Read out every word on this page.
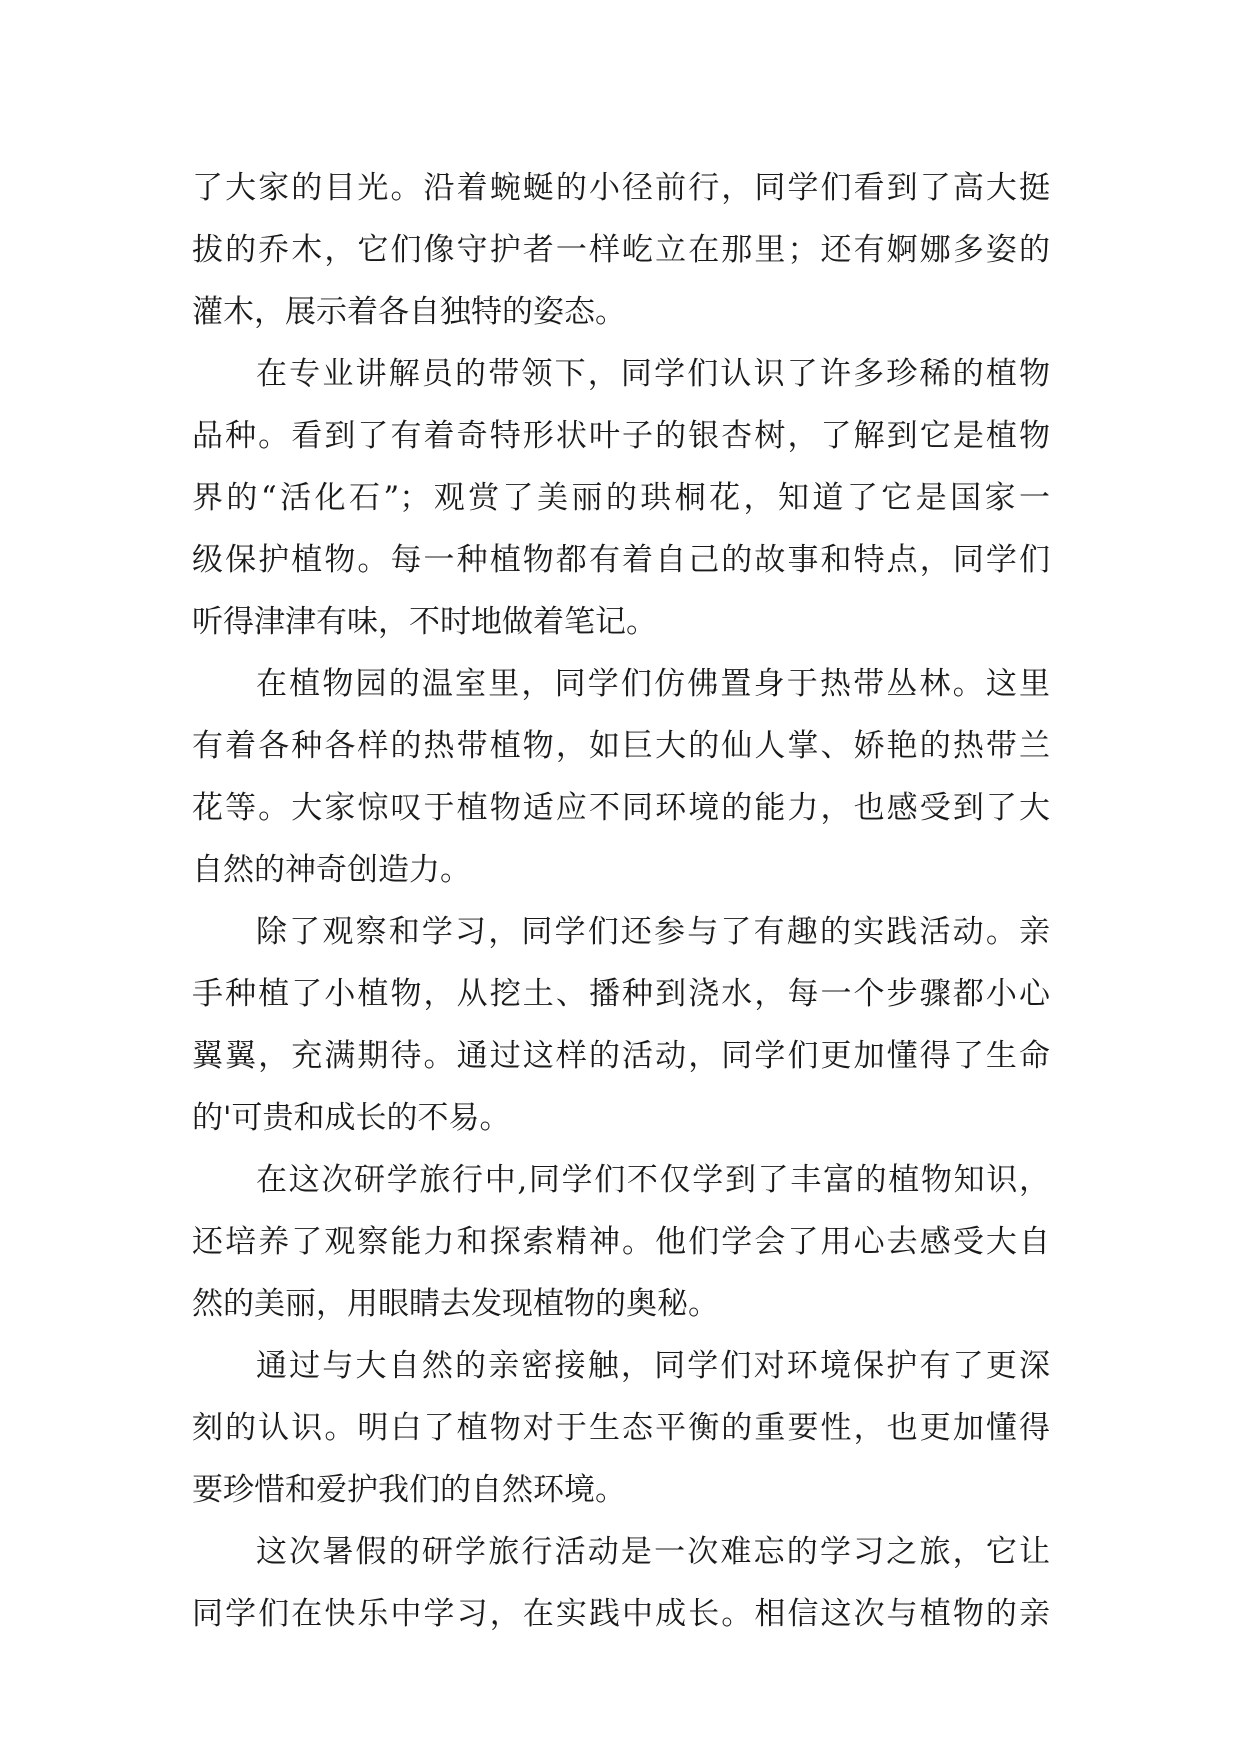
了大家的目光。沿着蜿蜒的小径前行，同学们看到了高大挺
拔的乔木，它们像守护者一样屹立在那里；还有婀娜多姿的
灌木，展示着各自独特的姿态。
在专业讲解员的带领下，同学们认识了许多珍稀的植物
品种。看到了有着奇特形状叶子的银杏树，了解到它是植物
界的“活化石”；观赏了美丽的珙桐花，知道了它是国家一
级保护植物。每一种植物都有着自己的故事和特点，同学们
听得津津有味，不时地做着笔记。
在植物园的温室里，同学们仿佛置身于热带丛林。这里
有着各种各样的热带植物，如巨大的仙人掌、娇艳的热带兰
花等。大家惊叹于植物适应不同环境的能力，也感受到了大
自然的神奇创造力。
除了观察和学习，同学们还参与了有趣的实践活动。亲
手种植了小植物，从挖土、播种到浇水，每一个步骤都小心
翼翼，充满期待。通过这样的活动，同学们更加懂得了生命
的'可贵和成长的不易。
在这次研学旅行中,同学们不仅学到了丰富的植物知识，
还培养了观察能力和探索精神。他们学会了用心去感受大自
然的美丽，用眼睛去发现植物的奥秘。
通过与大自然的亲密接触，同学们对环境保护有了更深
刻的认识。明白了植物对于生态平衡的重要性，也更加懂得
要珍惜和爱护我们的自然环境。
这次暑假的研学旅行活动是一次难忘的学习之旅，它让
同学们在快乐中学习，在实践中成长。相信这次与植物的亲
